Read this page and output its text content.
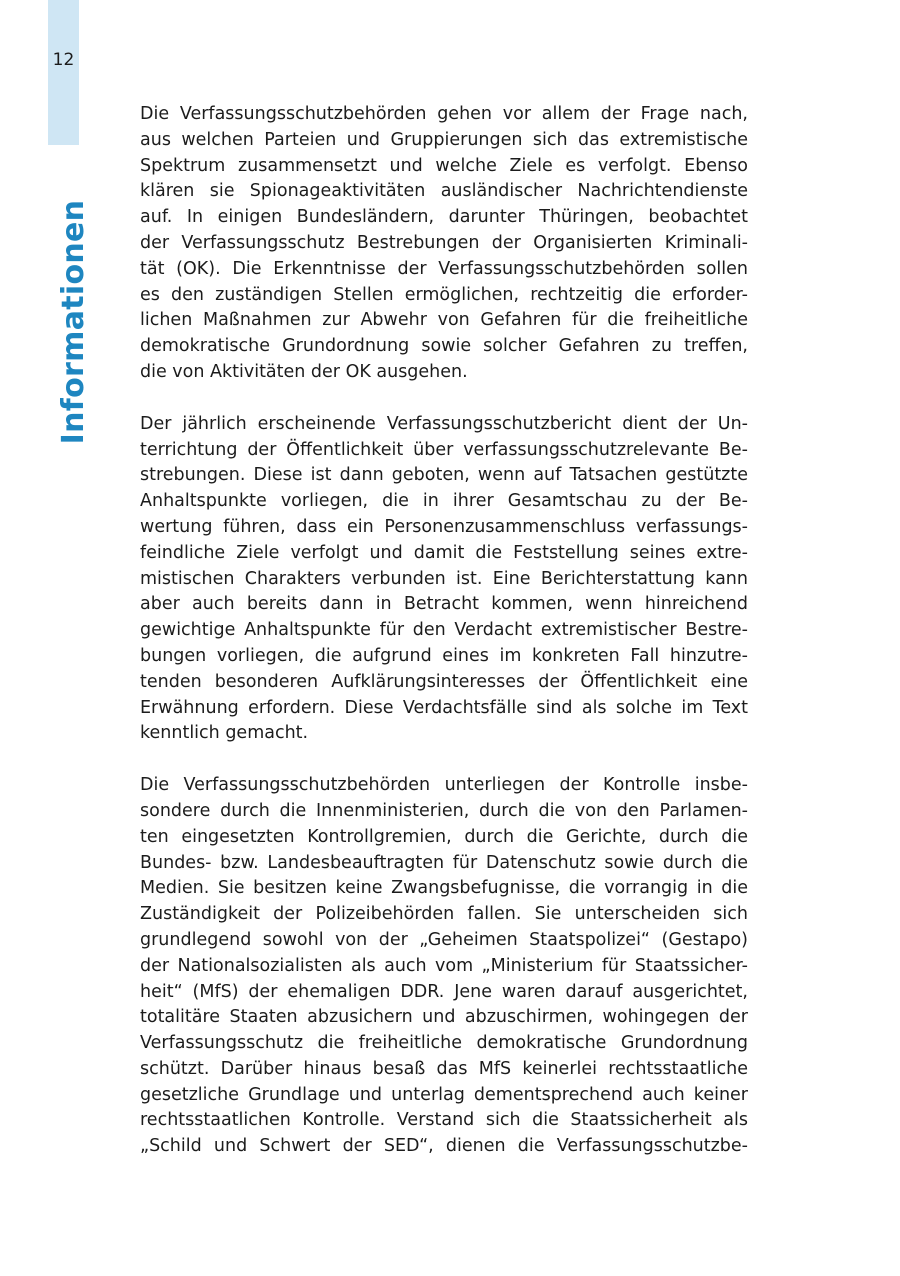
12
Informationen

Die Verfassungsschutzbehörden gehen vor allem der Frage nach,
aus welchen Parteien und Gruppierungen sich das extremistische
Spektrum zusammensetzt und welche Ziele es verfolgt. Ebenso
klären sie Spionageaktivitäten ausländischer Nachrichtendienste
auf. In einigen Bundesländern, darunter Thüringen, beobachtet
der Verfassungsschutz Bestrebungen der Organisierten Kriminali-
tät (OK). Die Erkenntnisse der Verfassungsschutzbehörden sollen
es den zuständigen Stellen ermöglichen, rechtzeitig die erforder-
lichen Maßnahmen zur Abwehr von Gefahren für die freiheitliche
demokratische Grundordnung sowie solcher Gefahren zu treffen,
die von Aktivitäten der OK ausgehen.

Der jährlich erscheinende Verfassungsschutzbericht dient der Un-
terrichtung der Öffentlichkeit über verfassungsschutzrelevante Be-
strebungen. Diese ist dann geboten, wenn auf Tatsachen gestützte
Anhaltspunkte vorliegen, die in ihrer Gesamtschau zu der Be-
wertung führen, dass ein Personenzusammenschluss verfassungs-
feindliche Ziele verfolgt und damit die Feststellung seines extre-
mistischen Charakters verbunden ist. Eine Berichterstattung kann
aber auch bereits dann in Betracht kommen, wenn hinreichend
gewichtige Anhaltspunkte für den Verdacht extremistischer Bestre-
bungen vorliegen, die aufgrund eines im konkreten Fall hinzutre-
tenden besonderen Aufklärungsinteresses der Öffentlichkeit eine
Erwähnung erfordern. Diese Verdachtsfälle sind als solche im Text
kenntlich gemacht.

Die Verfassungsschutzbehörden unterliegen der Kontrolle insbe-
sondere durch die Innenministerien, durch die von den Parlamen-
ten eingesetzten Kontrollgremien, durch die Gerichte, durch die
Bundes- bzw. Landesbeauftragten für Datenschutz sowie durch die
Medien. Sie besitzen keine Zwangsbefugnisse, die vorrangig in die
Zuständigkeit der Polizeibehörden fallen. Sie unterscheiden sich
grundlegend sowohl von der „Geheimen Staatspolizei“ (Gestapo)
der Nationalsozialisten als auch vom „Ministerium für Staatssicher-
heit“ (MfS) der ehemaligen DDR. Jene waren darauf ausgerichtet,
totalitäre Staaten abzusichern und abzuschirmen, wohingegen der
Verfassungsschutz die freiheitliche demokratische Grundordnung
schützt. Darüber hinaus besaß das MfS keinerlei rechtsstaatliche
gesetzliche Grundlage und unterlag dementsprechend auch keiner
rechtsstaatlichen Kontrolle. Verstand sich die Staatssicherheit als
„Schild und Schwert der SED“, dienen die Verfassungsschutzbe-
